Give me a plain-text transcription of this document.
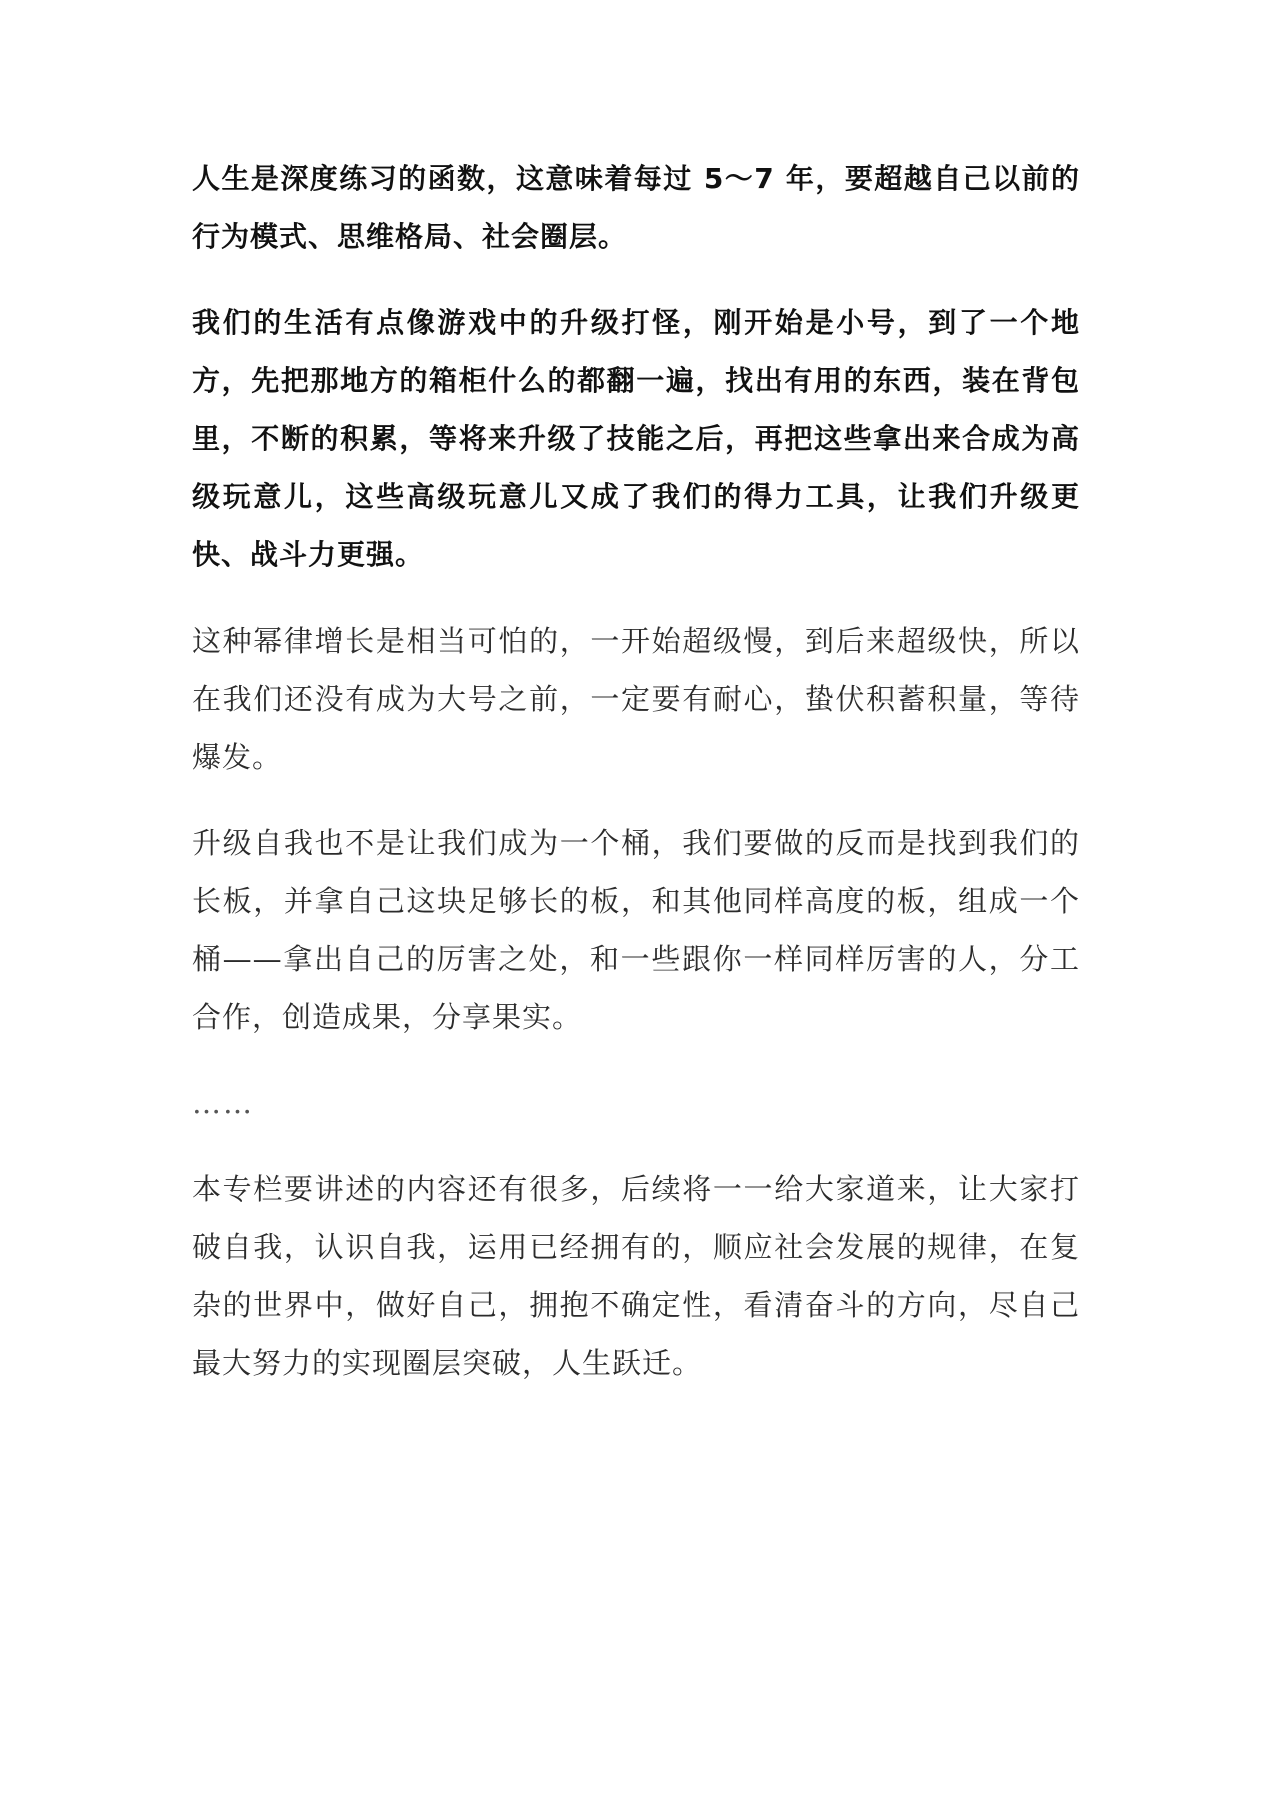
人生是深度练习的函数，这意味着每过 5～7 年，要超越自己以前的行为模式、思维格局、社会圈层。

我们的生活有点像游戏中的升级打怪，刚开始是小号，到了一个地方，先把那地方的箱柜什么的都翻一遍，找出有用的东西，装在背包里，不断的积累，等将来升级了技能之后，再把这些拿出来合成为高级玩意儿，这些高级玩意儿又成了我们的得力工具，让我们升级更快、战斗力更强。

这种幂律增长是相当可怕的，一开始超级慢，到后来超级快，所以在我们还没有成为大号之前，一定要有耐心，蛰伏积蓄积量，等待爆发。

升级自我也不是让我们成为一个桶，我们要做的反而是找到我们的长板，并拿自己这块足够长的板，和其他同样高度的板，组成一个桶——拿出自己的厉害之处，和一些跟你一样同样厉害的人，分工合作，创造成果，分享果实。

……

本专栏要讲述的内容还有很多，后续将一一给大家道来，让大家打破自我，认识自我，运用已经拥有的，顺应社会发展的规律，在复杂的世界中，做好自己，拥抱不确定性，看清奋斗的方向，尽自己最大努力的实现圈层突破，人生跃迁。
